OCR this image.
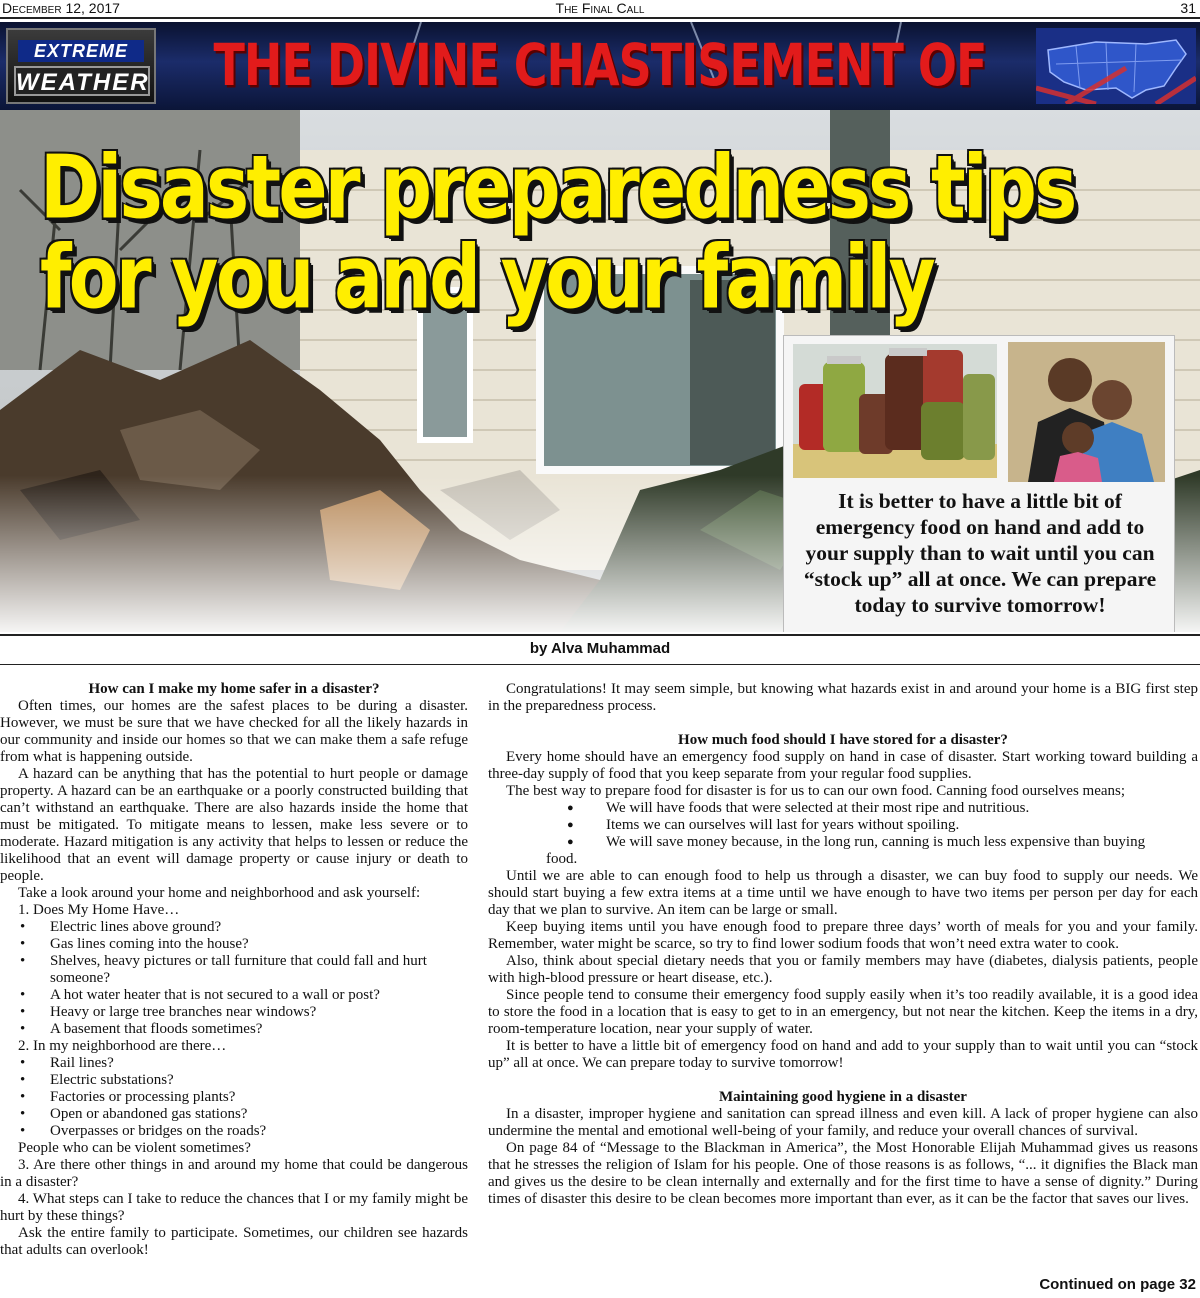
The Final Call
December 12, 2017	31
EXTREME
WEATHER	THE DIVINE CHASTISEMENT OF
Disaster preparedness tips
for you and your family
It is better to have a little bit of emergency food on hand and add to your supply than to wait until you can “stock up” all at once. We can prepare today to survive tomorrow!
by Alva Muhammad
How can I make my home safer in a disaster?

Often times, our homes are the safest places to be during a disaster. However, we must be sure that we have checked for all the likely hazards in our community and inside our homes so that we can make them a safe refuge from what is happening outside.

A hazard can be anything that has the potential to hurt people or damage property. A hazard can be an earthquake or a poorly constructed building that can’t withstand an earthquake. There are also hazards inside the home that must be mitigated. To mitigate means to lessen, make less severe or to moderate. Hazard mitigation is any activity that helps to lessen or reduce the likelihood that an event will damage property or cause injury or death to people.

Take a look around your home and neighborhood and ask yourself:

1. Does My Home Have…

• Electric lines above ground?

• Gas lines coming into the house?

• Shelves, heavy pictures or tall furniture that could fall and hurt someone?

• A hot water heater that is not secured to a wall or post?

• Heavy or large tree branches near windows?

• A basement that floods sometimes?

2. In my neighborhood are there…

• Rail lines?

• Electric substations?

• Factories or processing plants?

• Open or abandoned gas stations?

• Overpasses or bridges on the roads?

People who can be violent sometimes?

3. Are there other things in and around my home that could be dangerous in a disaster?

4. What steps can I take to reduce the chances that I or my family might be hurt by these things?

Ask the entire family to participate. Sometimes, our children see hazards that adults can overlook!

Congratulations! It may seem simple, but knowing what hazards exist in and around your home is a BIG first step in the preparedness process.

How much food should I have stored for a disaster?

Every home should have an emergency food supply on hand in case of disaster. Start working toward building a three-day supply of food that you keep separate from your regular food supplies.

The best way to prepare food for disaster is for us to can our own food. Canning food ourselves means;

● We will have foods that were selected at their most ripe and nutritious.

● Items we can ourselves will last for years without spoiling.

● We will save money because, in the long run, canning is much less expensive than buying

food.

Until we are able to can enough food to help us through a disaster, we can buy food to supply our needs. We should start buying a few extra items at a time until we have enough to have two items per person per day for each day that we plan to survive. An item can be large or small.

Keep buying items until you have enough food to prepare three days’ worth of meals for you and your family. Remember, water might be scarce, so try to find lower sodium foods that won’t need extra water to cook.

Also, think about special dietary needs that you or family members may have (diabetes, dialysis patients, people with high-blood pressure or heart disease, etc.).

Since people tend to consume their emergency food supply easily when it’s too readily available, it is a good idea to store the food in a location that is easy to get to in an emergency, but not near the kitchen. Keep the items in a dry, room-temperature location, near your supply of water.

It is better to have a little bit of emergency food on hand and add to your supply than to wait until you can “stock up” all at once. We can prepare today to survive tomorrow!

Maintaining good hygiene in a disaster

In a disaster, improper hygiene and sanitation can spread illness and even kill. A lack of proper hygiene can also undermine the mental and emotional well-being of your family, and reduce your overall chances of survival.

On page 84 of “Message to the Blackman in America”, the Most Honorable Elijah Muhammad gives us reasons that he stresses the religion of Islam for his people. One of those reasons is as follows, “... it dignifies the Black man and gives us the desire to be clean internally and externally and for the first time to have a sense of dignity.” During times of disaster this desire to be clean becomes more important than ever, as it can be the factor that saves our lives.

Continued on page 32
